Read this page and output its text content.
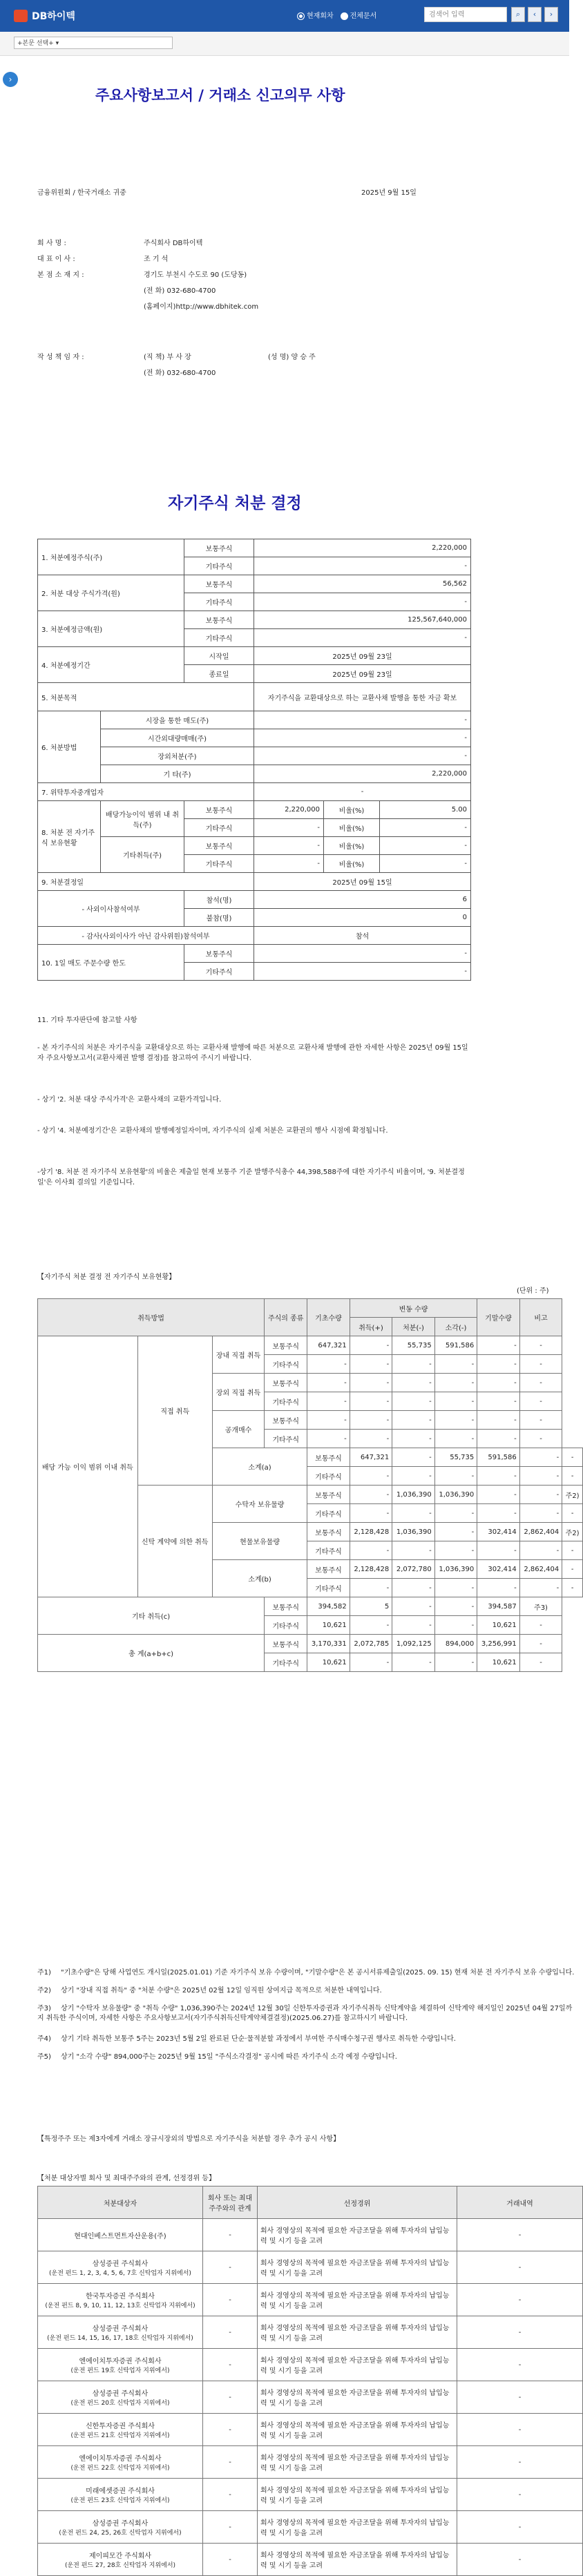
DB하이텍	현재회차	전체문서	검색어 입력	⌕	‹	›
+본문 선택+ ▾
›
주요사항보고서 / 거래소 신고의무 사항
금융위원회 / 한국거래소 귀중	2025년 9월 15일
회 사 명 :	주식회사 DB하이텍
대 표 이 사 :	조 기 석
본 점 소 재 지 :	경기도 부천시 수도로 90 (도당동)
(전 화) 032-680-4700
(홈페이지)http://www.dbhitek.com
작 성 책 임 자 :	(직 책) 부 사 장	(성 명) 양 승 주
(전 화) 032-680-4700
자기주식 처분 결정
1. 처분예정주식(주)		보통주식	2,220,000		
		기타주식	-		
2. 처분 대상 주식가격(원)		보통주식	56,562		
		기타주식	-		
3. 처분예정금액(원)		보통주식	125,567,640,000		
		기타주식	-		
4. 처분예정기간		시작일	2025년 09월 23일		
		종료일	2025년 09월 23일		
5. 처분목적			자기주식을 교환대상으로 하는 교환사채 발행을 통한 자금 확보		
6. 처분방법	시장을 통한 매도(주)		-		
	시간외대량매매(주)		-		
	장외처분(주)		-		
	기 타(주)		2,220,000		
7. 위탁투자중개업자			-		
8. 처분 전 자기주식 보유현황	배당가능이익 범위 내 취득(주)	보통주식	2,220,000	비율(%)	5.00
		기타주식	-	비율(%)	-
	기타취득(주)	보통주식	-	비율(%)	-
		기타주식	-	비율(%)	-
9. 처분결정일			2025년 09월 15일		
- 사외이사참석여부		참석(명)	6		
		불참(명)	0		
- 감사(사외이사가 아닌 감사위원)참석여부			참석		
10. 1일 매도 주문수량 한도		보통주식	-		
		기타주식	-		
11. 기타 투자판단에 참고할 사항
- 본 자기주식의 처분은 자기주식을 교환대상으로 하는 교환사채 발행에 따른 처분으로 교환사채 발행에 관한 자세한 사항은 2025년 09월 15일자 주요사항보고서(교환사채권 발행 결정)를 참고하여 주시기 바랍니다.
- 상기 '2. 처분 대상 주식가격'은 교환사채의 교환가격입니다.
- 상기 '4. 처분예정기간'은 교환사채의 발행예정일자이며, 자기주식의 실제 처분은 교환권의 행사 시점에 확정됩니다.
-상기 '8. 처분 전 자기주식 보유현황'의 비율은 제출일 현재 보통주 기준 발행주식총수 44,398,588주에 대한 자기주식 비율이며, '9. 처분결정일'은 이사회 결의일 기준입니다.
【자기주식 처분 결정 전 자기주식 보유현황】
(단위 : 주)
취득방법			주식의 종류	기초수량	변동 수량			기말수량	비고	
					취득(+)	처분(-)	소각(-)			
배당 가능 이익 범위 이내 취득	직접 취득	장내 직접 취득	보통주식	647,321	-	55,735	591,586	-	-	
			기타주식	-	-	-	-	-	-	
		장외 직접 취득	보통주식	-	-	-	-	-	-	
			기타주식	-	-	-	-	-	-	
		공개매수	보통주식	-	-	-	-	-	-	
			기타주식	-	-	-	-	-	-	
		소계(a)		보통주식	647,321	-	55,735	591,586	-	-
				기타주식	-	-	-	-	-	-
	신탁 계약에 의한 취득	수탁자 보유물량		보통주식	-	1,036,390	1,036,390	-	-	주2)
				기타주식	-	-	-	-	-	-
		현물보유물량		보통주식	2,128,428	1,036,390	-	302,414	2,862,404	주2)
				기타주식	-	-	-	-	-	-
		소계(b)		보통주식	2,128,428	2,072,780	1,036,390	302,414	2,862,404	-
				기타주식	-	-	-	-	-	-
기타 취득(c)			보통주식	394,582	5	-	-	394,587	주3)	
			기타주식	10,621	-	-	-	10,621	-	
총 계(a+b+c)			보통주식	3,170,331	2,072,785	1,092,125	894,000	3,256,991	-	
			기타주식	10,621	-	-	-	10,621	-	
주1) "기초수량"은 당해 사업연도 개시일(2025.01.01) 기준 자기주식 보유 수량이며, "기말수량"은 본 공시서류제출일(2025. 09. 15) 현재 처분 전 자기주식 보유 수량입니다.
주2) 상기 "장내 직접 취득" 중 "처분 수량"은 2025년 02월 12일 임직원 상여지급 목적으로 처분한 내역입니다.
주3) 상기 "수탁자 보유물량" 중 "취득 수량" 1,036,390주는 2024년 12월 30일 신한투자증권과 자기주식취득 신탁계약을 체결하여 신탁계약 해지일인 2025년 04월 27일까지 취득한 주식이며, 자세한 사항은 주요사항보고서(자기주식취득신탁계약체결결정)(2025.06.27)를 참고하시기 바랍니다.
주4) 상기 기타 취득한 보통주 5주는 2023년 5월 2일 완료된 단순·물적분할 과정에서 부여한 주식매수청구권 행사로 취득한 수량입니다.
주5) 상기 "소각 수량" 894,000주는 2025년 9월 15일 "주식소각결정" 공시에 따른 자기주식 소각 예정 수량입니다.
【특정주주 또는 제3자에게 거래소 장규시장외의 방법으로 자기주식을 처분할 경우 추가 공시 사항】
【처분 대상자별 회사 및 최대주주와의 관계, 선정경위 등】
처분대상자	회사 또는 최대주주와의 관계	선정경위	거래내역

현대인베스트먼트자산운용(주)	-	회사 경영상의 목적에 필요한 자금조달을 위해 투자자의 납입능력 및 시기 등을 고려	-

삼성증권 주식회사
(운전 펀드 1, 2, 3, 4, 5, 6, 7호 신탁업자 지위에서)	-	회사 경영상의 목적에 필요한 자금조달을 위해 투자자의 납입능력 및 시기 등을 고려	-

한국투자증권 주식회사
(운전 펀드 8, 9, 10, 11, 12, 13호 신탁업자 지위에서)	-	회사 경영상의 목적에 필요한 자금조달을 위해 투자자의 납입능력 및 시기 등을 고려	-

삼성증권 주식회사
(운전 펀드 14, 15, 16, 17, 18호 신탁업자 지위에서)	-	회사 경영상의 목적에 필요한 자금조달을 위해 투자자의 납입능력 및 시기 등을 고려	-

엔에이치투자증권 주식회사
(운전 펀드 19호 신탁업자 지위에서)	-	회사 경영상의 목적에 필요한 자금조달을 위해 투자자의 납입능력 및 시기 등을 고려	-

삼성증권 주식회사
(운전 펀드 20호 신탁업자 지위에서)	-	회사 경영상의 목적에 필요한 자금조달을 위해 투자자의 납입능력 및 시기 등을 고려	-

신한투자증권 주식회사
(운전 펀드 21호 신탁업자 지위에서)	-	회사 경영상의 목적에 필요한 자금조달을 위해 투자자의 납입능력 및 시기 등을 고려	-

엔에이치투자증권 주식회사
(운전 펀드 22호 신탁업자 지위에서)	-	회사 경영상의 목적에 필요한 자금조달을 위해 투자자의 납입능력 및 시기 등을 고려	-

미래에셋증권 주식회사
(운전 펀드 23호 신탁업자 지위에서)	-	회사 경영상의 목적에 필요한 자금조달을 위해 투자자의 납입능력 및 시기 등을 고려	-

삼성증권 주식회사
(운전 펀드 24, 25, 26호 신탁업자 지위에서)	-	회사 경영상의 목적에 필요한 자금조달을 위해 투자자의 납입능력 및 시기 등을 고려	-

제이피모간 주식회사
(운전 펀드 27, 28호 신탁업자 지위에서)	-	회사 경영상의 목적에 필요한 자금조달을 위해 투자자의 납입능력 및 시기 등을 고려	-
